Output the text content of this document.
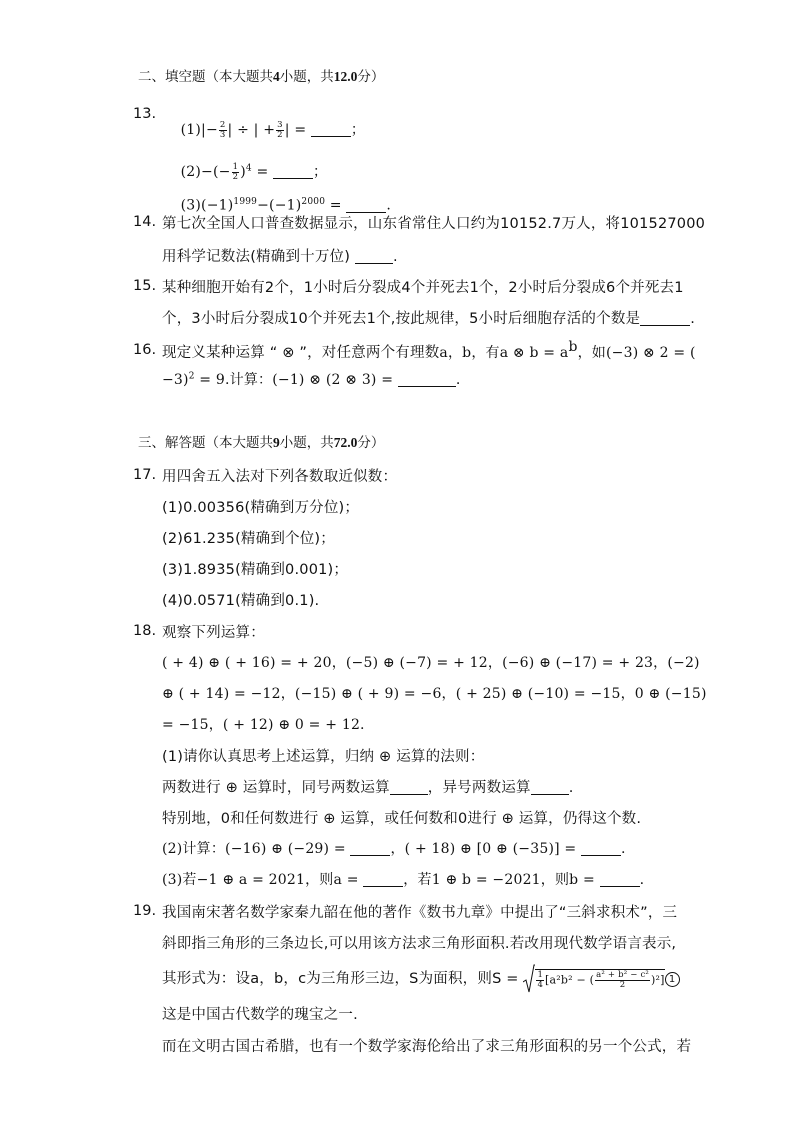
二、填空题（本大题共4小题，共12.0分）
13.

$(1)|- \frac{2}{3}$ | ÷ | + $\frac{3}{2}$ | =	；

$(2)-(- \frac{1}{2} )^4$ =	；

$(3)(-1)^{1999}-(-1)^{2000}$ =	.

14. 第七次全国人口普查数据显示，山东省常住人口约为10152.7万人，将101527000
用科学记数法(精确到十万位)	.
15. 某种细胞开始有2个，1小时后分裂成4个并死去1个，2小时后分裂成6个并死去1
个，3小时后分裂成10个并死去1个,按此规律，5小时后细胞存活的个数是	.
16. 现定义某种运算 “ ⊗ ”，对任意两个有理数a，b，有a ⊗ $b = a^b$，如(−3) ⊗ 2 = (
−3)$^2$ = 9.计算：(−1) ⊗ (2 ⊗ 3) =	.
三、解答题（本大题共9小题，共72.0分）
17. 用四舍五入法对下列各数取近似数：
(1)0.00356(精确到万分位)；
(2)61.235(精确到个位)；
(3)1.8935(精确到0.001)；
(4)0.0571(精确到0.1).
18. 观察下列运算：
( + 4) ⊕ ( + 16) = + 20，(−5) ⊕ (−7) = + 12，(−6) ⊕ (−17) = + 23，(−2)
⊕ ( + 14) = −12，(−15) ⊕ ( + 9) = −6，( + 25) ⊕ (−10) = −15，0 ⊕ (−15)
= −15，( + 12) ⊕ 0 = + 12.
(1)请你认真思考上述运算，归纳 ⊕ 运算的法则：
两数进行 ⊕ 运算时，同号两数运算	，异号两数运算	.
特别地，0和任何数进行 ⊕ 运算，或任何数和0进行 ⊕ 运算，仍得这个数.
(2)计算：(−16) ⊕ (−29) =	，( + 18) ⊕ [0 ⊕ (−35)] =	.
(3)若−1 ⊕ a = 2021，则a =	，若1 ⊕ b = −2021，则b =	.
19. 我国南宋著名数学家秦九韶在他的著作《数书九章》中提出了“三斜求积术”，三
斜即指三角形的三条边长,可以用该方法求三角形面积.若改用现代数学语言表示,
其形式为：设a，b，c为三角形三边，S为面积，则$S = \frac{1}{4} [a^2b^2$ − ( $\frac{\text{a² + b² − c²}}{2} )^2$] 1
这是中国古代数学的瑰宝之一.
而在文明古国古希腊，也有一个数学家海伦给出了求三角形面积的另一个公式，若
